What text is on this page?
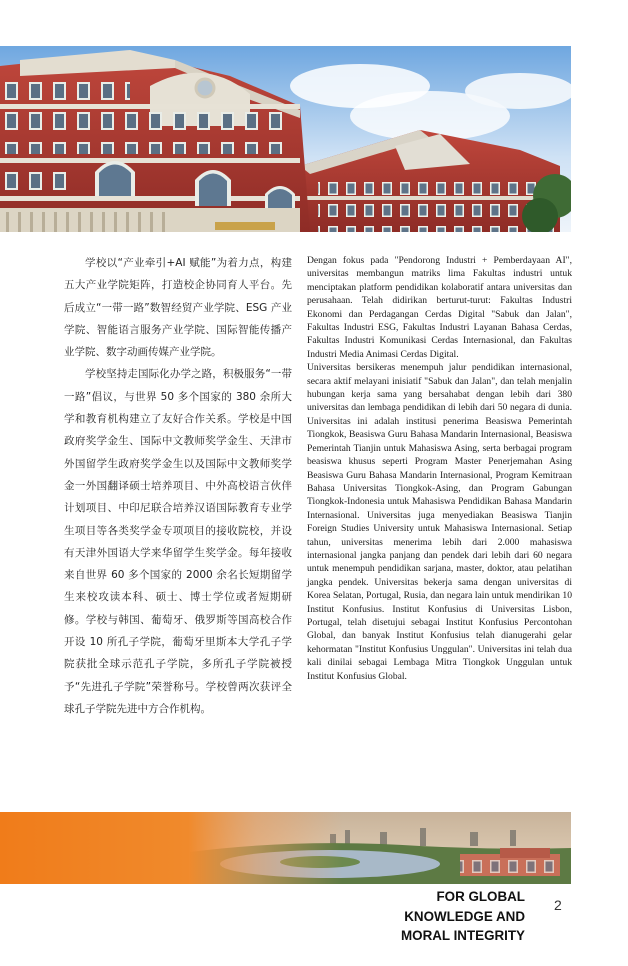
学校以“产业牵引+AI 赋能”为着力点，构建五大产业学院矩阵，打造校企协同育人平台。先后成立“一带一路”数智经贸产业学院、ESG 产业学院、智能语言服务产业学院、国际智能传播产业学院、数字动画传媒产业学院。

学校坚持走国际化办学之路，积极服务“一带一路”倡议，与世界 50 多个国家的 380 余所大学和教育机构建立了友好合作关系。学校是中国政府奖学金生、国际中文教师奖学金生、天津市外国留学生政府奖学金生以及国际中文教师奖学金一外国翻译硕士培养项目、中外高校语言伙伴计划项目、中印尼联合培养汉语国际教育专业学生项目等各类奖学金专项项目的接收院校，并设有天津外国语大学来华留学生奖学金。每年接收来自世界 60 多个国家的 2000 余名长短期留学生来校攻读本科、硕士、博士学位或者短期研修。学校与韩国、葡萄牙、俄罗斯等国高校合作开设 10 所孔子学院，葡萄牙里斯本大学孔子学院获批全球示范孔子学院，多所孔子学院被授予“先进孔子学院”荣誉称号。学校曾两次获评全球孔子学院先进中方合作机构。

Dengan fokus pada "Pendorong Industri + Pemberdayaan AI", universitas membangun matriks lima Fakultas industri untuk menciptakan platform pendidikan kolaboratif antara universitas dan perusahaan. Telah didirikan berturut-turut: Fakultas Industri Ekonomi dan Perdagangan Cerdas Digital "Sabuk dan Jalan", Fakultas Industri ESG, Fakultas Industri Layanan Bahasa Cerdas, Fakultas Industri Komunikasi Cerdas Internasional, dan Fakultas Industri Media Animasi Cerdas Digital.

Universitas bersikeras menempuh jalur pendidikan internasional, secara aktif melayani inisiatif "Sabuk dan Jalan", dan telah menjalin hubungan kerja sama yang bersahabat dengan lebih dari 380 universitas dan lembaga pendidikan di lebih dari 50 negara di dunia. Universitas ini adalah institusi penerima Beasiswa Pemerintah Tiongkok, Beasiswa Guru Bahasa Mandarin Internasional, Beasiswa Pemerintah Tianjin untuk Mahasiswa Asing, serta berbagai program beasiswa khusus seperti Program Master Penerjemahan Asing Beasiswa Guru Bahasa Mandarin Internasional, Program Kemitraan Bahasa Universitas Tiongkok-Asing, dan Program Gabungan Tiongkok-Indonesia untuk Mahasiswa Pendidikan Bahasa Mandarin Internasional. Universitas juga menyediakan Beasiswa Tianjin Foreign Studies University untuk Mahasiswa Internasional. Setiap tahun, universitas menerima lebih dari 2.000 mahasiswa internasional jangka panjang dan pendek dari lebih dari 60 negara untuk menempuh pendidikan sarjana, master, doktor, atau pelatihan jangka pendek. Universitas bekerja sama dengan universitas di Korea Selatan, Portugal, Rusia, dan negara lain untuk mendirikan 10 Institut Konfusius. Institut Konfusius di Universitas Lisbon, Portugal, telah disetujui sebagai Institut Konfusius Percontohan Global, dan banyak Institut Konfusius telah dianugerahi gelar kehormatan "Institut Konfusius Unggulan". Universitas ini telah dua kali dinilai sebagai Lembaga Mitra Tiongkok Unggulan untuk Institut Konfusius Global.

FOR GLOBAL
KNOWLEDGE AND
MORAL INTEGRITY
2
